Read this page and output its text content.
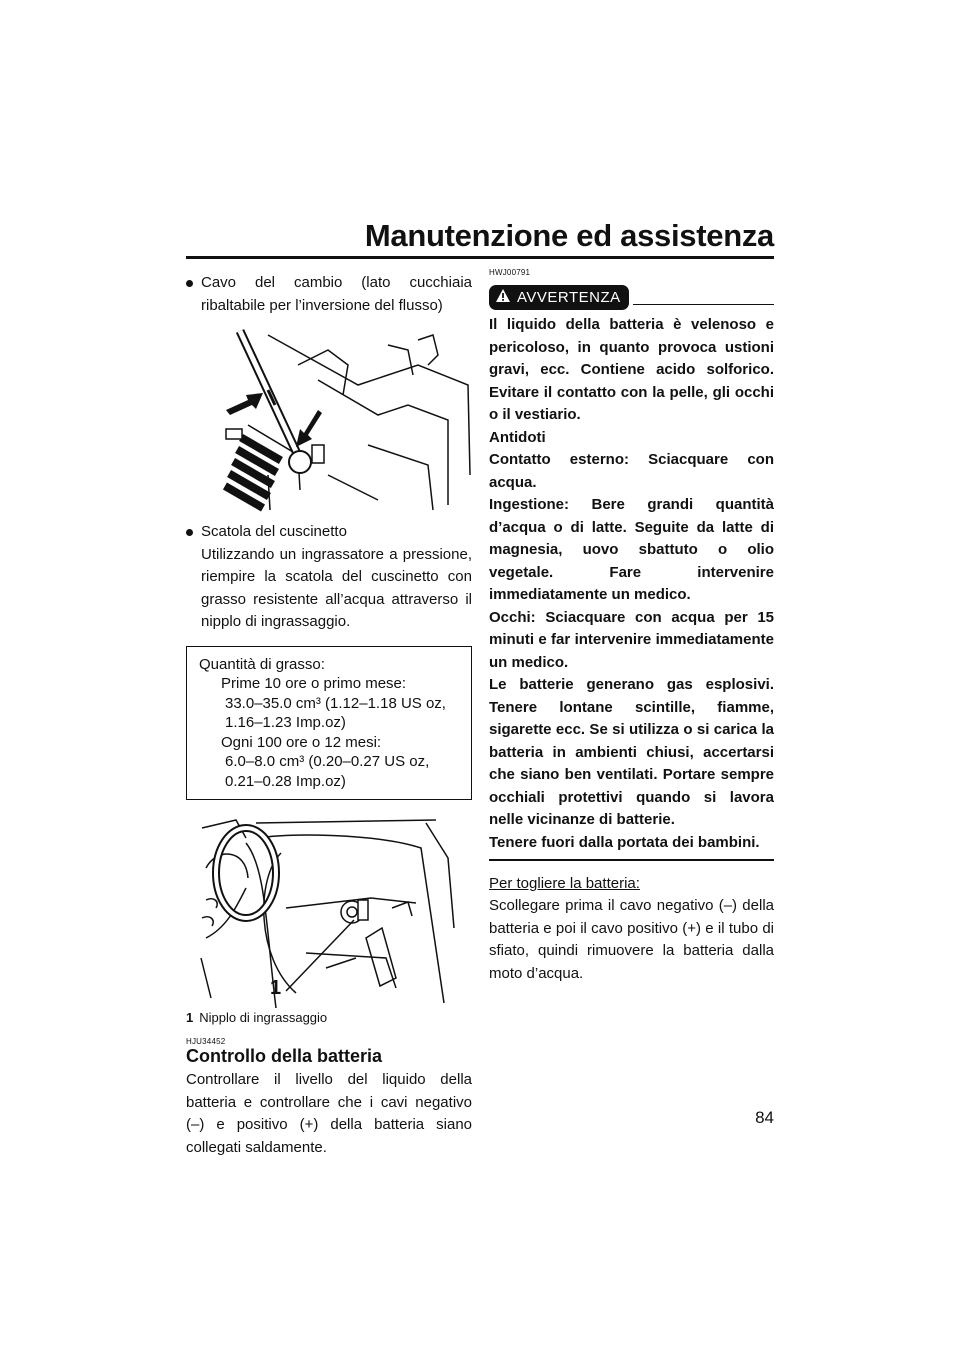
Manutenzione ed assistenza

Cavo del cambio (lato cucchiaia ribaltabile per l’inversione del flusso)

Scatola del cuscinetto

Utilizzando un ingrassatore a pressione, riempire la scatola del cuscinetto con grasso resistente all’acqua attraverso il nipplo di ingrassaggio.

Quantità di grasso:

Prime 10 ore o primo mese:
33.0–35.0 cm³ (1.12–1.18 US oz,
1.16–1.23 Imp.oz)
Ogni 100 ore o 12 mesi:
6.0–8.0 cm³ (0.20–0.27 US oz,
0.21–0.28 Imp.oz)
1
1 Nipplo di ingrassaggio
HJU34452
Controllo della batteria

Controllare il livello del liquido della batteria e controllare che i cavi negativo (–) e positivo (+) della batteria siano collegati saldamente.

HWJ00791
AVVERTENZA

Il liquido della batteria è velenoso e pericoloso, in quanto provoca ustioni gravi, ecc. Contiene acido solforico. Evitare il contatto con la pelle, gli occhi o il vestiario.

Antidoti

Contatto esterno: Sciacquare con acqua.

Ingestione: Bere grandi quantità d’acqua o di latte. Seguite da latte di magnesia, uovo sbattuto o olio vegetale. Fare intervenire immediatamente un medico.

Occhi: Sciacquare con acqua per 15 minuti e far intervenire immediatamente un medico.

Le batterie generano gas esplosivi. Tenere lontane scintille, fiamme, sigarette ecc. Se si utilizza o si carica la batteria in ambienti chiusi, accertarsi che siano ben ventilati. Portare sempre occhiali protettivi quando si lavora nelle vicinanze di batterie.

Tenere fuori dalla portata dei bambini.

Per togliere la batteria:

Scollegare prima il cavo negativo (–) della batteria e poi il cavo positivo (+) e il tubo di sfiato, quindi rimuovere la batteria dalla moto d’acqua.

84
